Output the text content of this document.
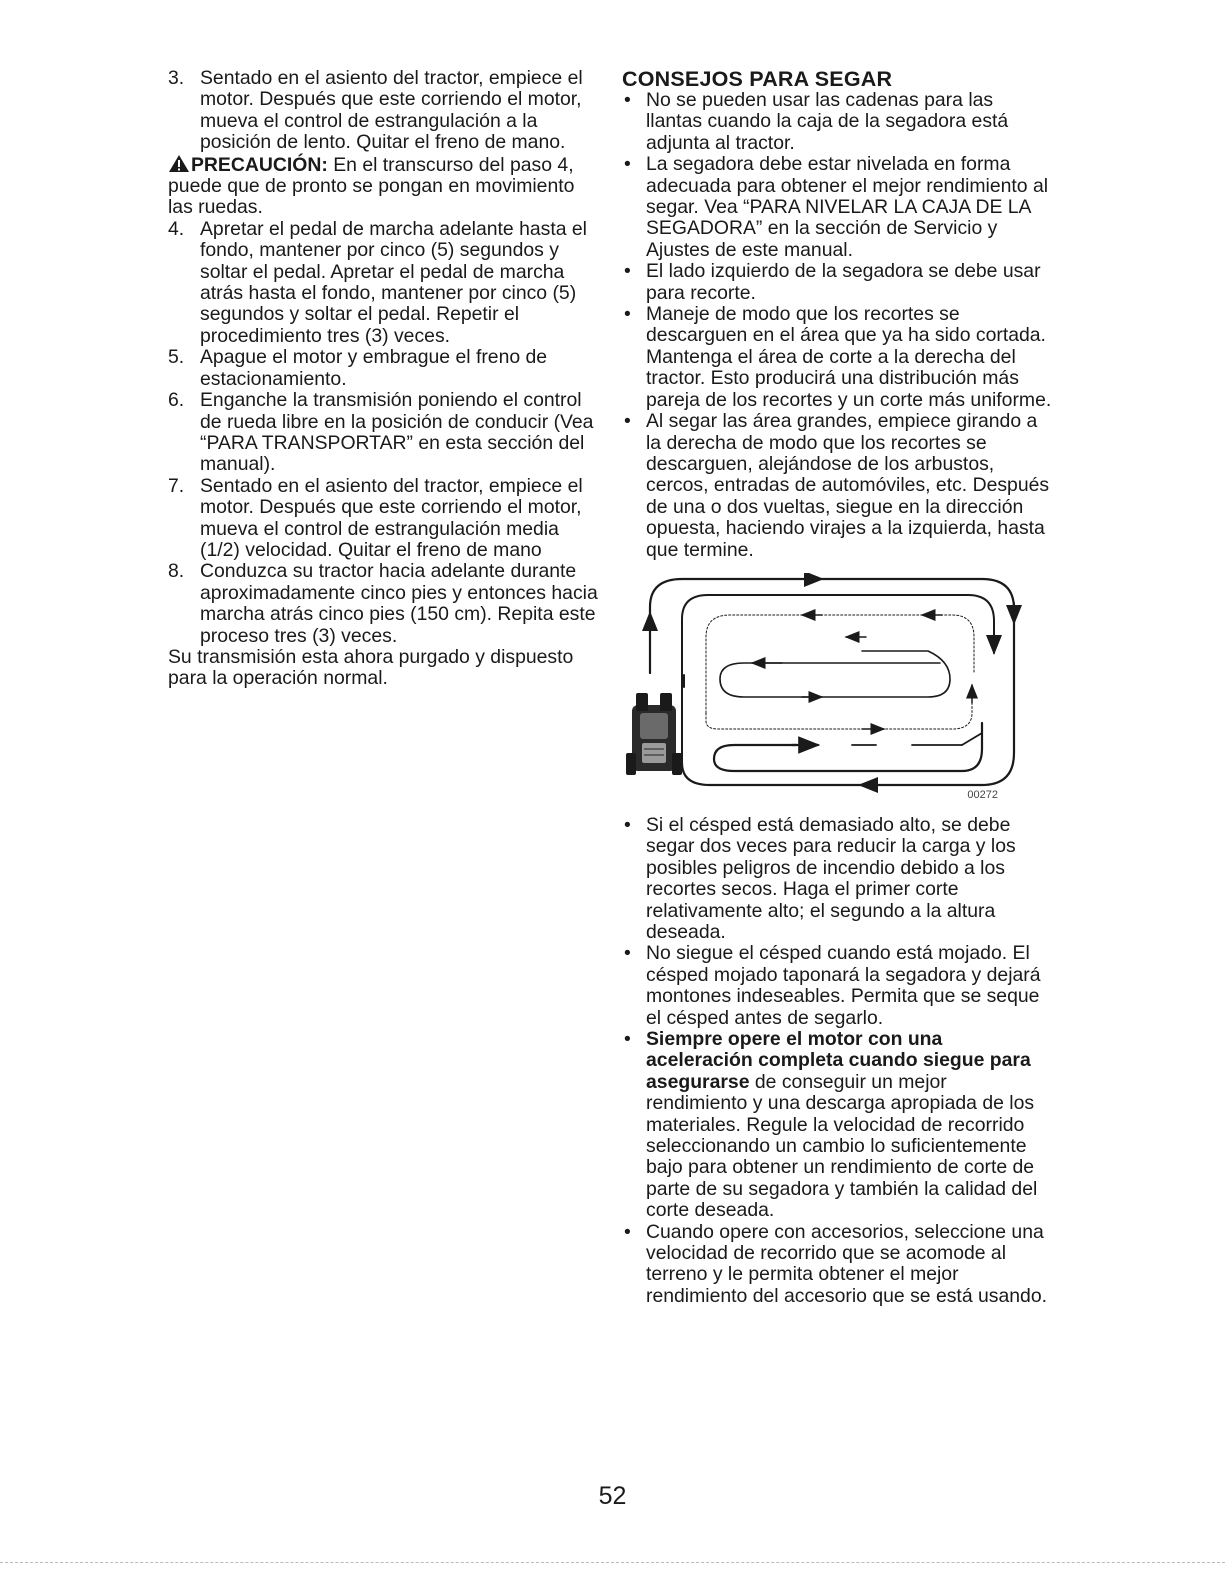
3. Sentado en el asiento del tractor, empiece el motor. Después que este corriendo el motor, mueva el control de estrangulación a la posición de lento. Quitar el freno de mano.

PRECAUCIÓN: En el transcurso del paso 4, puede que de pronto se pongan en movimiento las ruedas.

4. Apretar el pedal de marcha adelante hasta el fondo, mantener por cinco (5) segundos y soltar el pedal. Apretar el pedal de marcha atrás hasta el fondo, mantener por cinco (5) segundos y soltar el pedal. Repetir el procedimiento tres (3) veces.
5. Apague el motor y embrague el freno de estacionamiento.
6. Enganche la transmisión poniendo el control de rueda libre en la posición de conducir (Vea “PARA TRANSPORTAR” en esta sección del manual).
7. Sentado en el asiento del tractor, empiece el motor. Después que este corriendo el motor, mueva el control de estrangulación media (1/2) velocidad. Quitar el freno de mano
8. Conduzca su tractor hacia adelante durante aproximadamente cinco pies y entonces hacia marcha atrás cinco pies (150 cm). Repita este proceso tres (3) veces.

Su transmisión esta ahora purgado y dispuesto para la operación normal.

CONSEJOS PARA SEGAR
• No se pueden usar las cadenas para las llantas cuando la caja de la segadora está adjunta al tractor.
• La segadora debe estar nivelada en forma adecuada para obtener el mejor rendimiento al segar. Vea “PARA NIVELAR LA CAJA DE LA SEGADORA” en la sección de Servicio y Ajustes de este manual.
• El lado izquierdo de la segadora se debe usar para recorte.
• Maneje de modo que los recortes se descarguen en el área que ya ha sido cortada. Mantenga el área de corte a la derecha del tractor. Esto producirá una distribución más pareja de los recortes y un corte más uniforme.
• Al segar las área grandes, empiece girando a la derecha de modo que los recortes se descarguen, alejándose de los arbustos, cercos, entradas de automóviles, etc. Después de una o dos vueltas, siegue en la dirección opuesta, haciendo virajes a la izquierda, hasta que termine.
00272
• Si el césped está demasiado alto, se debe segar dos veces para reducir la carga y los posibles peligros de incendio debido a los recortes secos. Haga el primer corte relativamente alto; el segundo a la altura deseada.
• No siegue el césped cuando está mojado. El césped mojado taponará la segadora y dejará montones indeseables. Permita que se seque el césped antes de segarlo.
• Siempre opere el motor con una aceleración completa cuando siegue para asegurarse de conseguir un mejor rendimiento y una descarga apropiada de los materiales. Regule la velocidad de recorrido seleccionando un cambio lo suficientemente bajo para obtener un rendimiento de corte de parte de su segadora y también la calidad del corte deseada.
• Cuando opere con accesorios, seleccione una velocidad de recorrido que se acomode al terreno y le permita obtener el mejor rendimiento del accesorio que se está usando.
52
